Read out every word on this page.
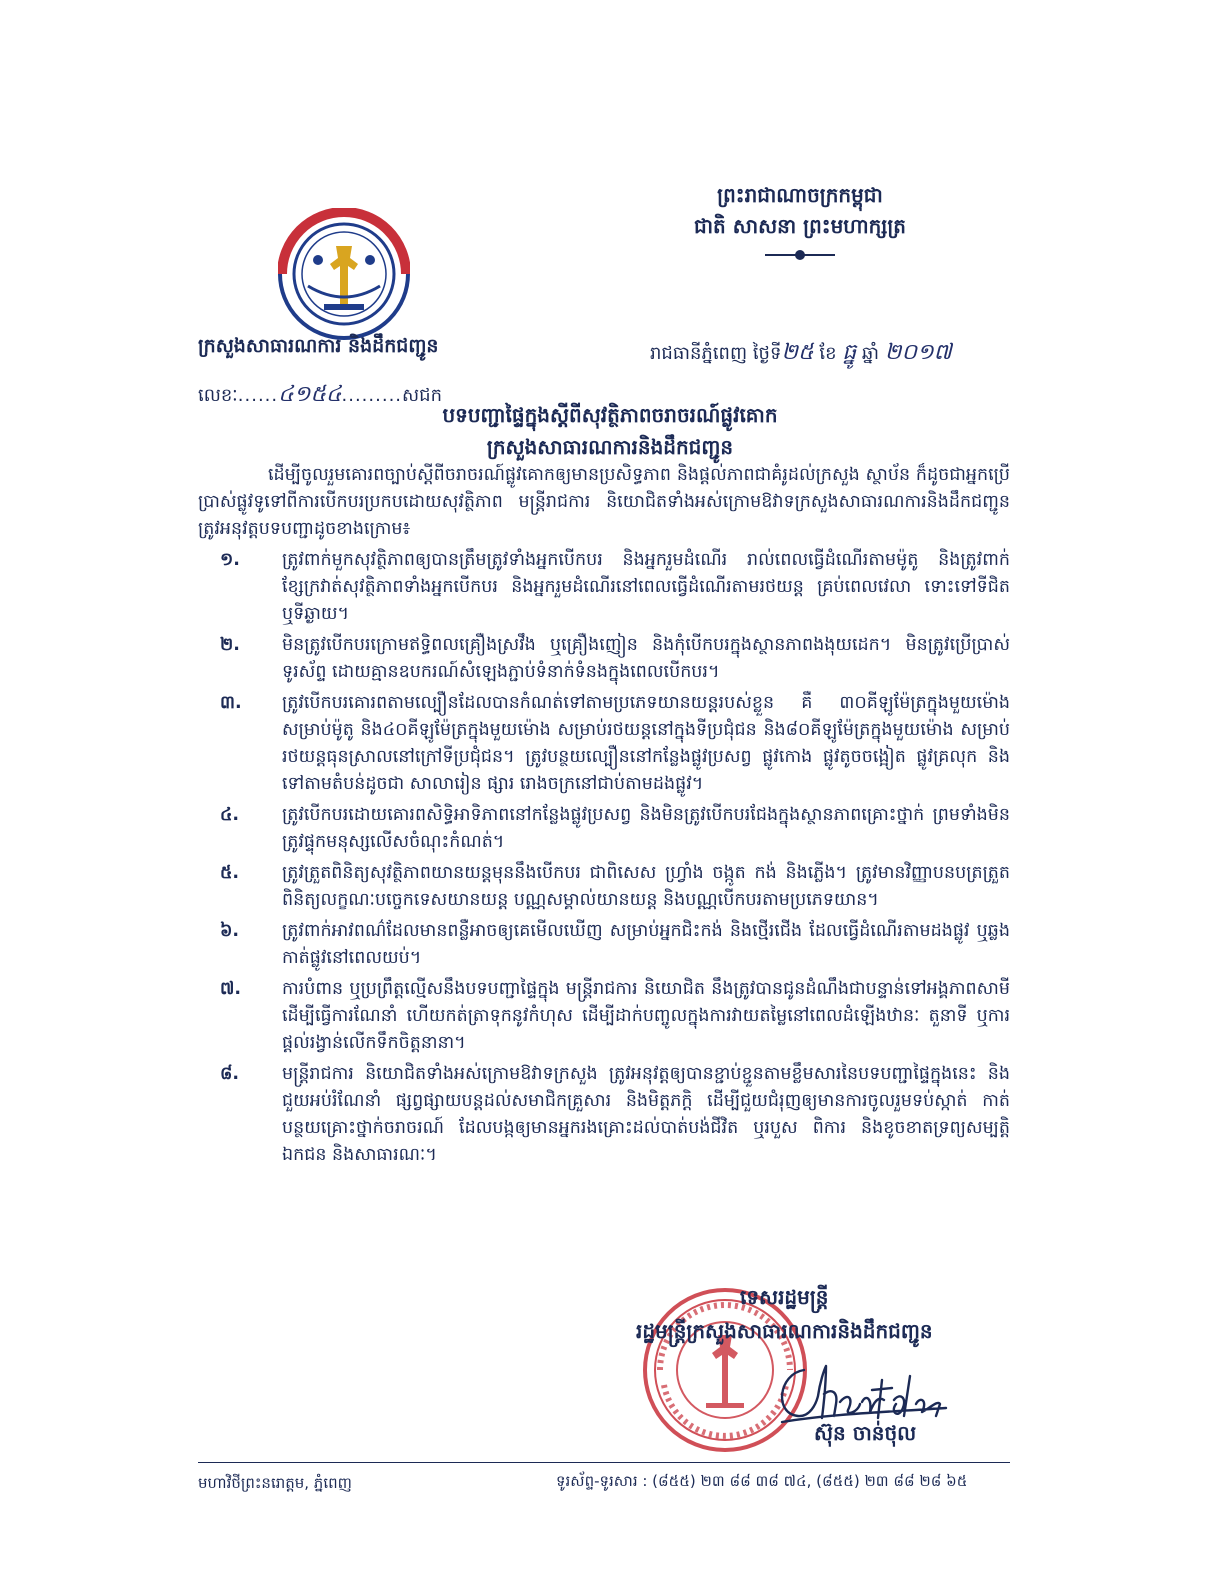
ព្រះរាជាណាចក្រកម្ពុជា
ជាតិ សាសនា ព្រះមហាក្សត្រ
ក្រសួងសាធារណការ និងដឹកជញ្ជូន	រាជធានីភ្នំពេញ ថ្ងៃទី២៥ ខែ ធ្នូ ឆ្នាំ ២០១៧
លេខៈ......៤១៥៤.........សជក
បទបញ្ជាផ្ទៃក្នុងស្តីពីសុវត្ថិភាពចរាចរណ៍ផ្លូវគោក
ក្រសួងសាធារណការនិងដឹកជញ្ជូន

ដើម្បីចូលរួមគោរពច្បាប់ស្តីពីចរាចរណ៍ផ្លូវគោកឲ្យមានប្រសិទ្ធភាព និងផ្តល់ភាពជាគំរូដល់ក្រសួង ស្ថាប័ន ក៏ដូចជាអ្នកប្រើប្រាស់ផ្លូវទូទៅពីការបើកបរប្រកបដោយសុវត្ថិភាព មន្ត្រីរាជការ និយោជិតទាំងអស់ក្រោមឱវាទក្រសួងសាធារណការនិងដឹកជញ្ជូន ត្រូវអនុវត្តបទបញ្ជាដូចខាងក្រោម៖

១.	ត្រូវពាក់មួកសុវត្ថិភាពឲ្យបានត្រឹមត្រូវទាំងអ្នកបើកបរ និងអ្នករួមដំណើរ រាល់ពេលធ្វើដំណើរតាមម៉ូតូ និងត្រូវពាក់ខ្សែក្រវាត់សុវត្ថិភាពទាំងអ្នកបើកបរ និងអ្នករួមដំណើរនៅពេលធ្វើដំណើរតាមរថយន្ត គ្រប់ពេលវេលា ទោះទៅទីជិត ឬទីឆ្ងាយ។
២.	មិនត្រូវបើកបរក្រោមឥទ្ធិពលគ្រឿងស្រវឹង ឬគ្រឿងញៀន និងកុំបើកបរក្នុងស្ថានភាពងងុយដេក។ មិនត្រូវប្រើប្រាស់ទូរស័ព្ទ ដោយគ្មានឧបករណ៍សំឡេងភ្ជាប់ទំនាក់ទំនងក្នុងពេលបើកបរ។
៣.	ត្រូវបើកបរគោរពតាមល្បឿនដែលបានកំណត់ទៅតាមប្រភេទយានយន្តរបស់ខ្លួន គឺ ៣០គីឡូម៉ែត្រក្នុងមួយម៉ោង សម្រាប់ម៉ូតូ និង៤០គីឡូម៉ែត្រក្នុងមួយម៉ោង សម្រាប់រថយន្តនៅក្នុងទីប្រជុំជន និង៨០គីឡូម៉ែត្រក្នុងមួយម៉ោង សម្រាប់រថយន្តធុនស្រាលនៅក្រៅទីប្រជុំជន។ ត្រូវបន្ថយល្បឿននៅកន្លែងផ្លូវប្រសព្វ ផ្លូវកោង ផ្លូវតូចចង្អៀត ផ្លូវគ្រលុក និងទៅតាមតំបន់ដូចជា សាលារៀន ផ្សារ រោងចក្រនៅជាប់តាមដងផ្លូវ។
៤.	ត្រូវបើកបរដោយគោរពសិទ្ធិអាទិភាពនៅកន្លែងផ្លូវប្រសព្វ និងមិនត្រូវបើកបរជែងក្នុងស្ថានភាពគ្រោះថ្នាក់ ព្រមទាំងមិនត្រូវផ្ទុកមនុស្សលើសចំណុះកំណត់។
៥.	ត្រូវត្រួតពិនិត្យសុវត្ថិភាពយានយន្តមុននឹងបើកបរ ជាពិសេស ហ្វ្រាំង ចង្កូត កង់ និងភ្លើង។ ត្រូវមានវិញ្ញាបនបត្រត្រួតពិនិត្យលក្ខណៈបច្ចេកទេសយានយន្ត បណ្ណសម្គាល់យានយន្ត និងបណ្ណបើកបរតាមប្រភេទយាន។
៦.	ត្រូវពាក់អាវពណ៌ដែលមានពន្លឺអាចឲ្យគេមើលឃើញ សម្រាប់អ្នកជិះកង់ និងថ្មើរជើង ដែលធ្វើដំណើរតាមដងផ្លូវ ឬឆ្លងកាត់ផ្លូវនៅពេលយប់។
៧.	ការបំពាន ឬប្រព្រឹត្តល្មើសនឹងបទបញ្ជាផ្ទៃក្នុង មន្ត្រីរាជការ និយោជិត នឹងត្រូវបានជូនដំណឹងជាបន្ទាន់ទៅអង្គភាពសាមីដើម្បីធ្វើការណែនាំ ហើយកត់ត្រាទុកនូវកំហុស ដើម្បីដាក់បញ្ចូលក្នុងការវាយតម្លៃនៅពេលដំឡើងឋានៈ តួនាទី ឬការផ្តល់រង្វាន់លើកទឹកចិត្តនានា។
៨.	មន្ត្រីរាជការ និយោជិតទាំងអស់ក្រោមឱវាទក្រសួង ត្រូវអនុវត្តឲ្យបានខ្ជាប់ខ្ជួនតាមខ្លឹមសារនៃបទបញ្ជាផ្ទៃក្នុងនេះ និងជួយអប់រំណែនាំ ផ្សព្វផ្សាយបន្តដល់សមាជិកគ្រួសារ និងមិត្តភក្តិ ដើម្បីជួយជំរុញឲ្យមានការចូលរួមទប់ស្កាត់ កាត់បន្ថយគ្រោះថ្នាក់ចរាចរណ៍ ដែលបង្កឲ្យមានអ្នករងគ្រោះដល់បាត់បង់ជីវិត ឬរបួស ពិការ និងខូចខាតទ្រព្យសម្បត្តិឯកជន និងសាធារណៈ។
ទេសរដ្ឋមន្ត្រី
រដ្ឋមន្ត្រីក្រសួងសាធារណការនិងដឹកជញ្ជូន
ស៊ុន ចាន់ថុល
មហាវិថីព្រះនរោត្តម, ភ្នំពេញ	ទូរស័ព្ទ-ទូរសារ : (៨៥៥) ២៣ ៨៨ ៣៨ ៧៤, (៨៥៥) ២៣ ៨៨ ២៨ ៦៥
